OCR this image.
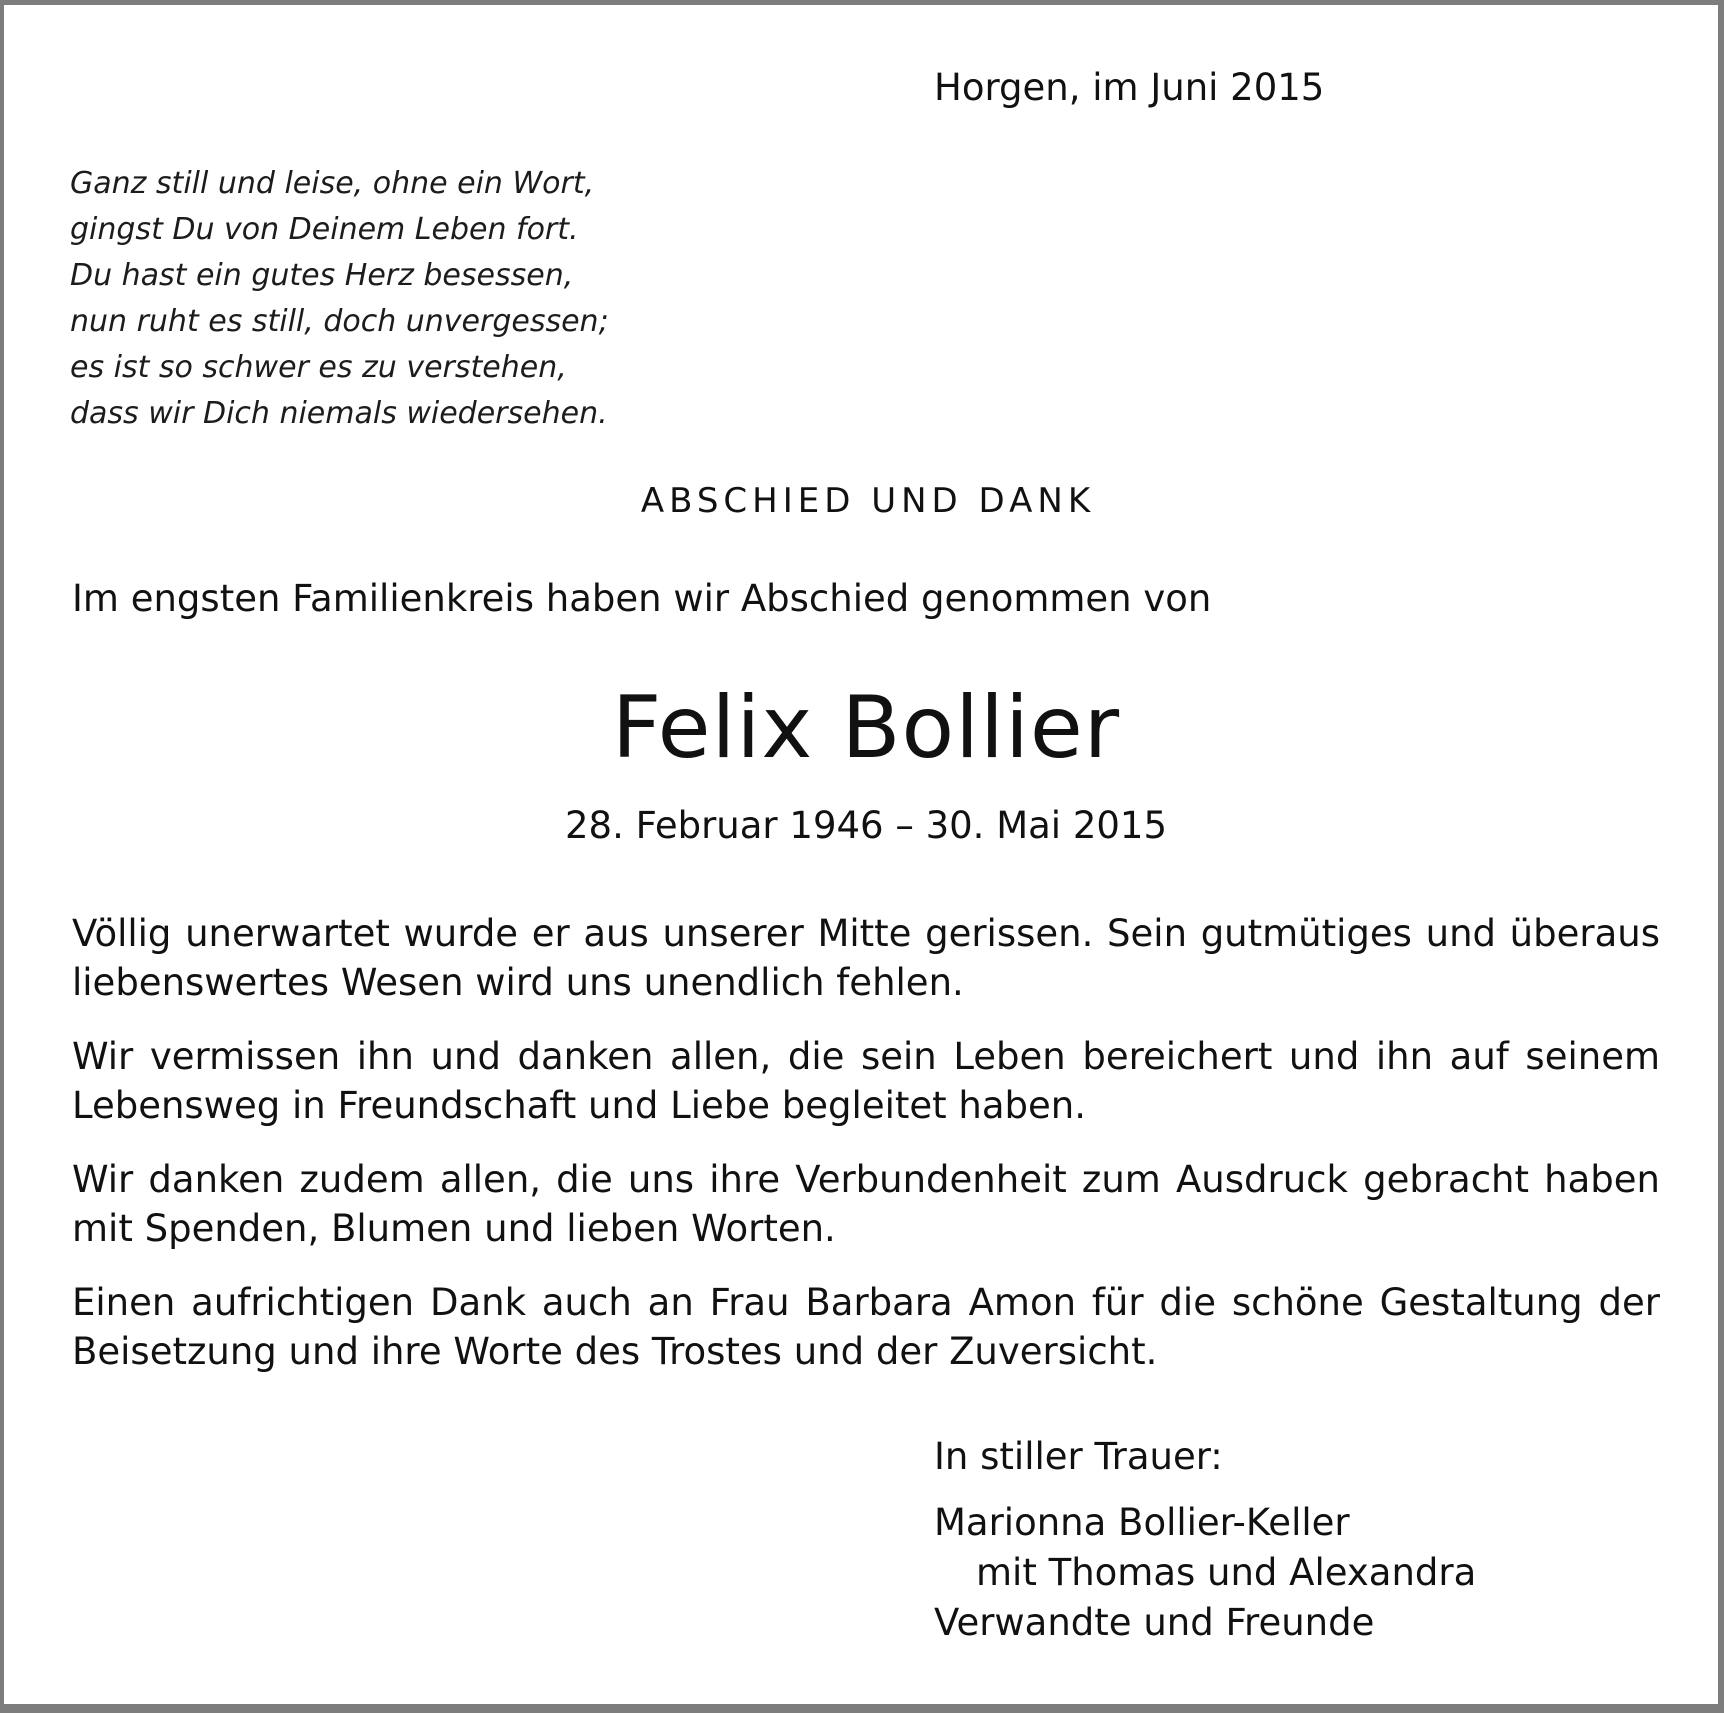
Horgen, im Juni 2015
Ganz still und leise, ohne ein Wort,
gingst Du von Deinem Leben fort.
Du hast ein gutes Herz besessen,
nun ruht es still, doch unvergessen;
es ist so schwer es zu verstehen,
dass wir Dich niemals wiedersehen.
ABSCHIED UND DANK
Im engsten Familienkreis haben wir Abschied genommen von
Felix Bollier
28. Februar 1946 – 30. Mai 2015

Völlig unerwartet wurde er aus unserer Mitte gerissen. Sein gutmütiges und überaus liebenswertes Wesen wird uns unendlich fehlen.

Wir vermissen ihn und danken allen, die sein Leben bereichert und ihn auf seinem Lebensweg in Freundschaft und Liebe begleitet haben.

Wir danken zudem allen, die uns ihre Verbundenheit zum Ausdruck gebracht haben mit Spenden, Blumen und lieben Worten.

Einen aufrichtigen Dank auch an Frau Barbara Amon für die schöne Gestaltung der Beisetzung und ihre Worte des Trostes und der Zuversicht.

In stiller Trauer:
Marionna Bollier-Keller
mit Thomas und Alexandra
Verwandte und Freunde
